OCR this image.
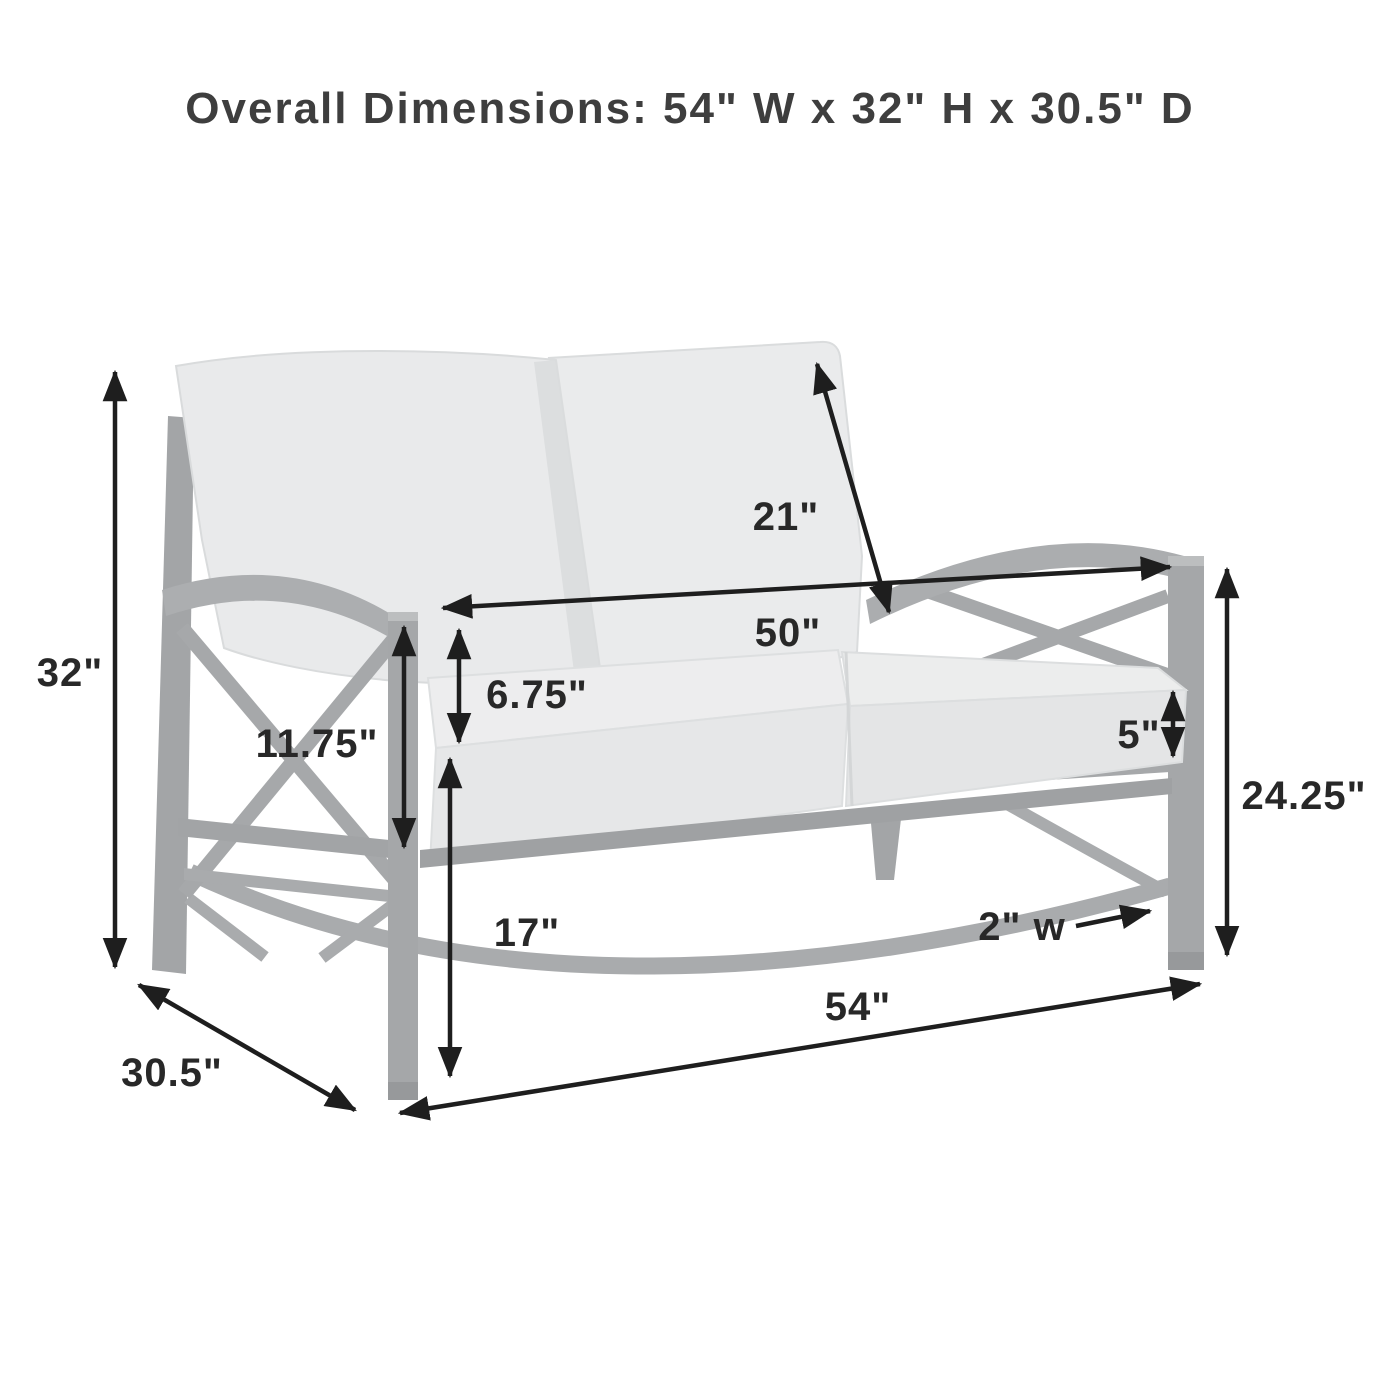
Overall Dimensions: 54" W x 32" H x 30.5" D
32"
21"
50"
6.75"
11.75"	5"
24.25"
17"	2" w
54"
30.5"
